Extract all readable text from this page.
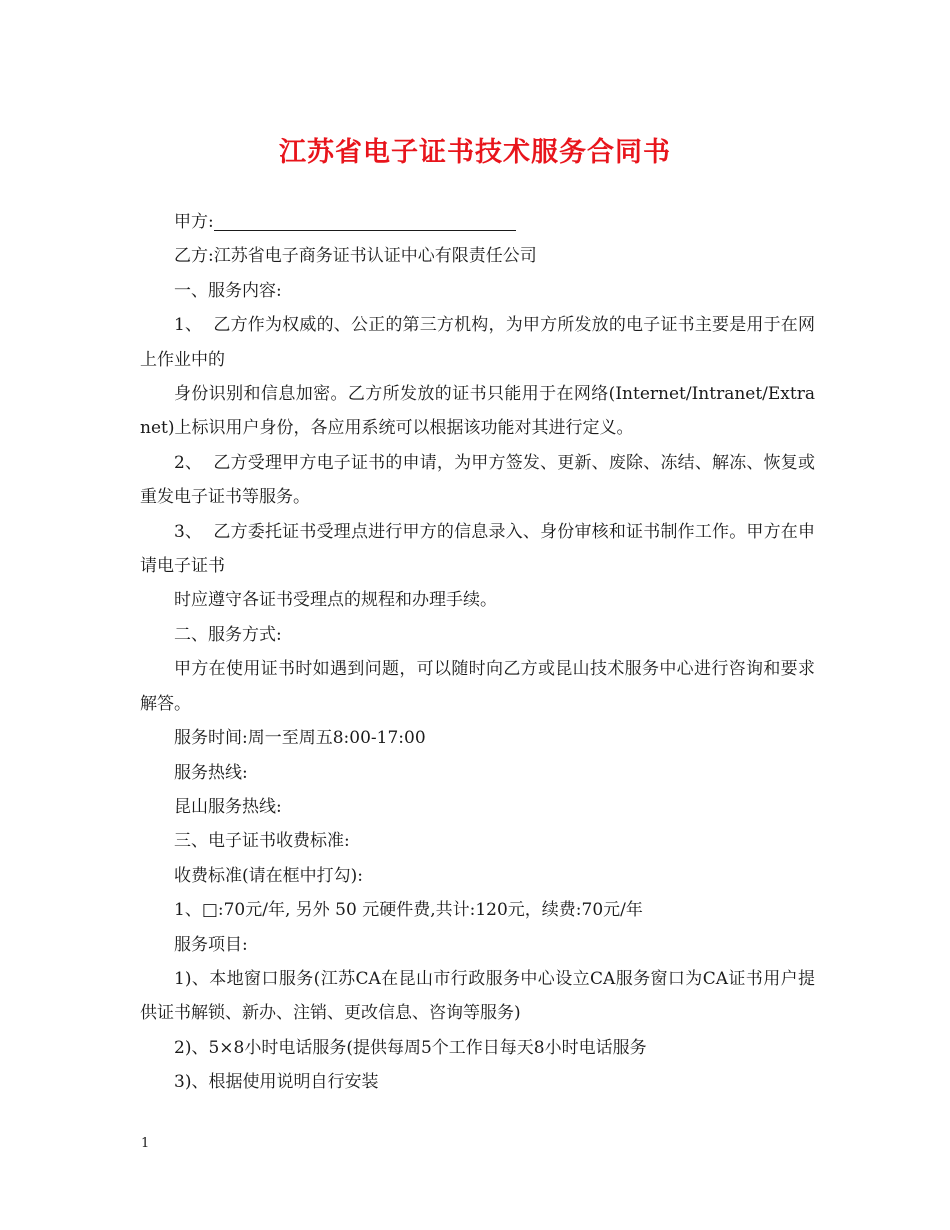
江苏省电子证书技术服务合同书

甲方:

乙方:江苏省电子商务证书认证中心有限责任公司

一、服务内容:

1、  乙方作为权威的、公正的第三方机构，为甲方所发放的电子证书主要是用于在网上作业中的

身份识别和信息加密。乙方所发放的证书只能用于在网络(Internet/Intranet/Extranet)上标识用户身份，各应用系统可以根据该功能对其进行定义。

2、  乙方受理甲方电子证书的申请，为甲方签发、更新、废除、冻结、解冻、恢复或重发电子证书等服务。

3、  乙方委托证书受理点进行甲方的信息录入、身份审核和证书制作工作。甲方在申请电子证书

时应遵守各证书受理点的规程和办理手续。

二、服务方式:

甲方在使用证书时如遇到问题，可以随时向乙方或昆山技术服务中心进行咨询和要求解答。

服务时间:周一至周五8:00-17:00

服务热线:

昆山服务热线:

三、电子证书收费标准:

收费标准(请在框中打勾):

1、□:70元/年, 另外 50 元硬件费,共计:120元，续费:70元/年

服务项目:

1)、本地窗口服务(江苏CA在昆山市行政服务中心设立CA服务窗口为CA证书用户提供证书解锁、新办、注销、更改信息、咨询等服务)

2)、5×8小时电话服务(提供每周5个工作日每天8小时电话服务

3)、根据使用说明自行安装

1
